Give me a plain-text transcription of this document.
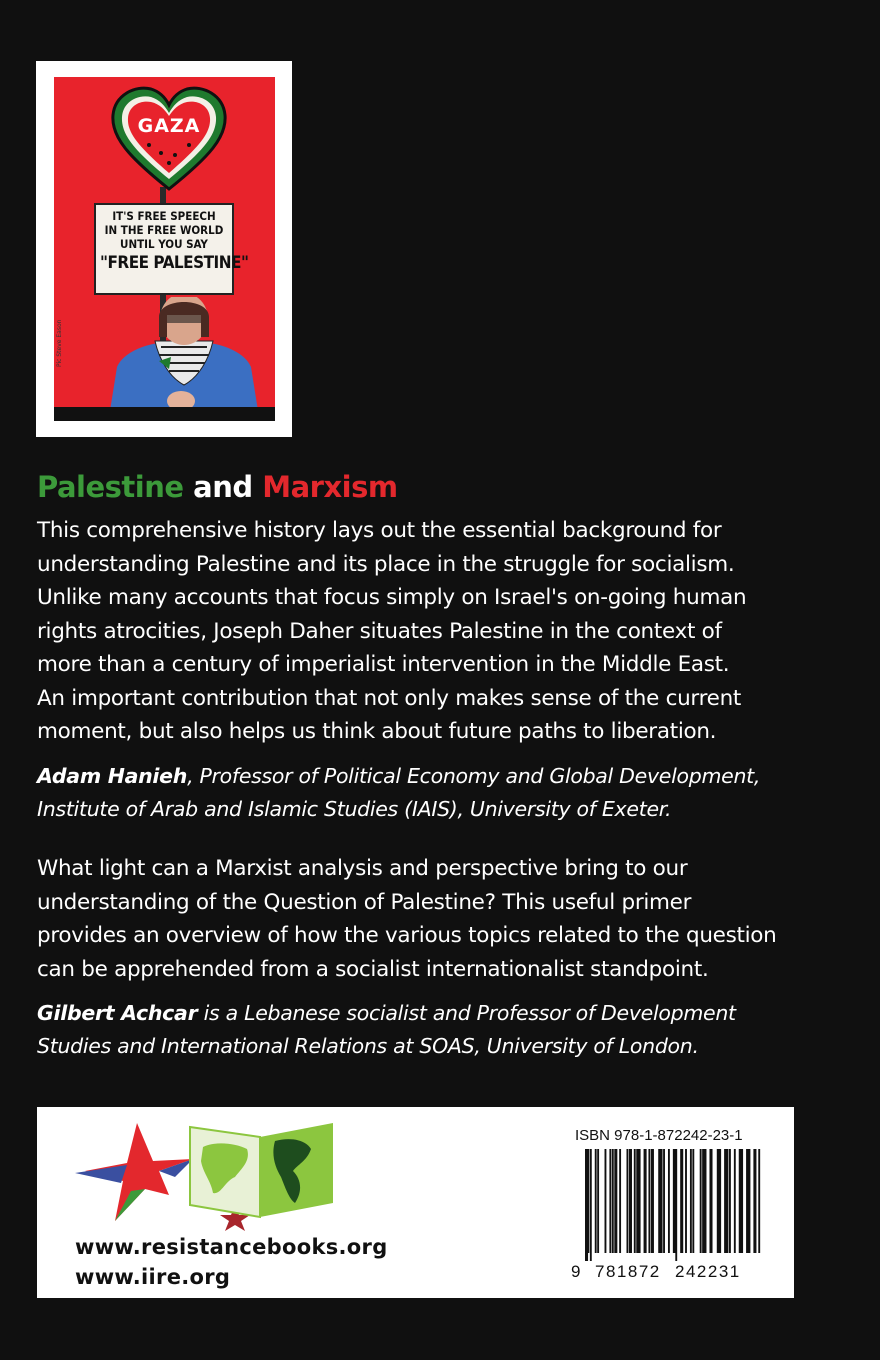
GAZA
IT'S FREE SPEECH
IN THE FREE WORLD
UNTIL YOU SAY
"FREE PALESTINE"
Pic Steve Eason
Palestine and Marxism
This comprehensive history lays out the essential background for
understanding Palestine and its place in the struggle for socialism.
Unlike many accounts that focus simply on Israel's on-going human
rights atrocities, Joseph Daher situates Palestine in the context of
more than a century of imperialist intervention in the Middle East.
An important contribution that not only makes sense of the current
moment, but also helps us think about future paths to liberation.
Adam Hanieh, Professor of Political Economy and Global Development,
Institute of Arab and Islamic Studies (IAIS), University of Exeter.
What light can a Marxist analysis and perspective bring to our
understanding of the Question of Palestine? This useful primer
provides an overview of how the various topics related to the question
can be apprehended from a socialist internationalist standpoint.
Gilbert Achcar is a Lebanese socialist and Professor of Development
Studies and International Relations at SOAS, University of London.
www.resistancebooks.org
www.iire.org
ISBN 978-1-872242-23-1
9 781872 242231
